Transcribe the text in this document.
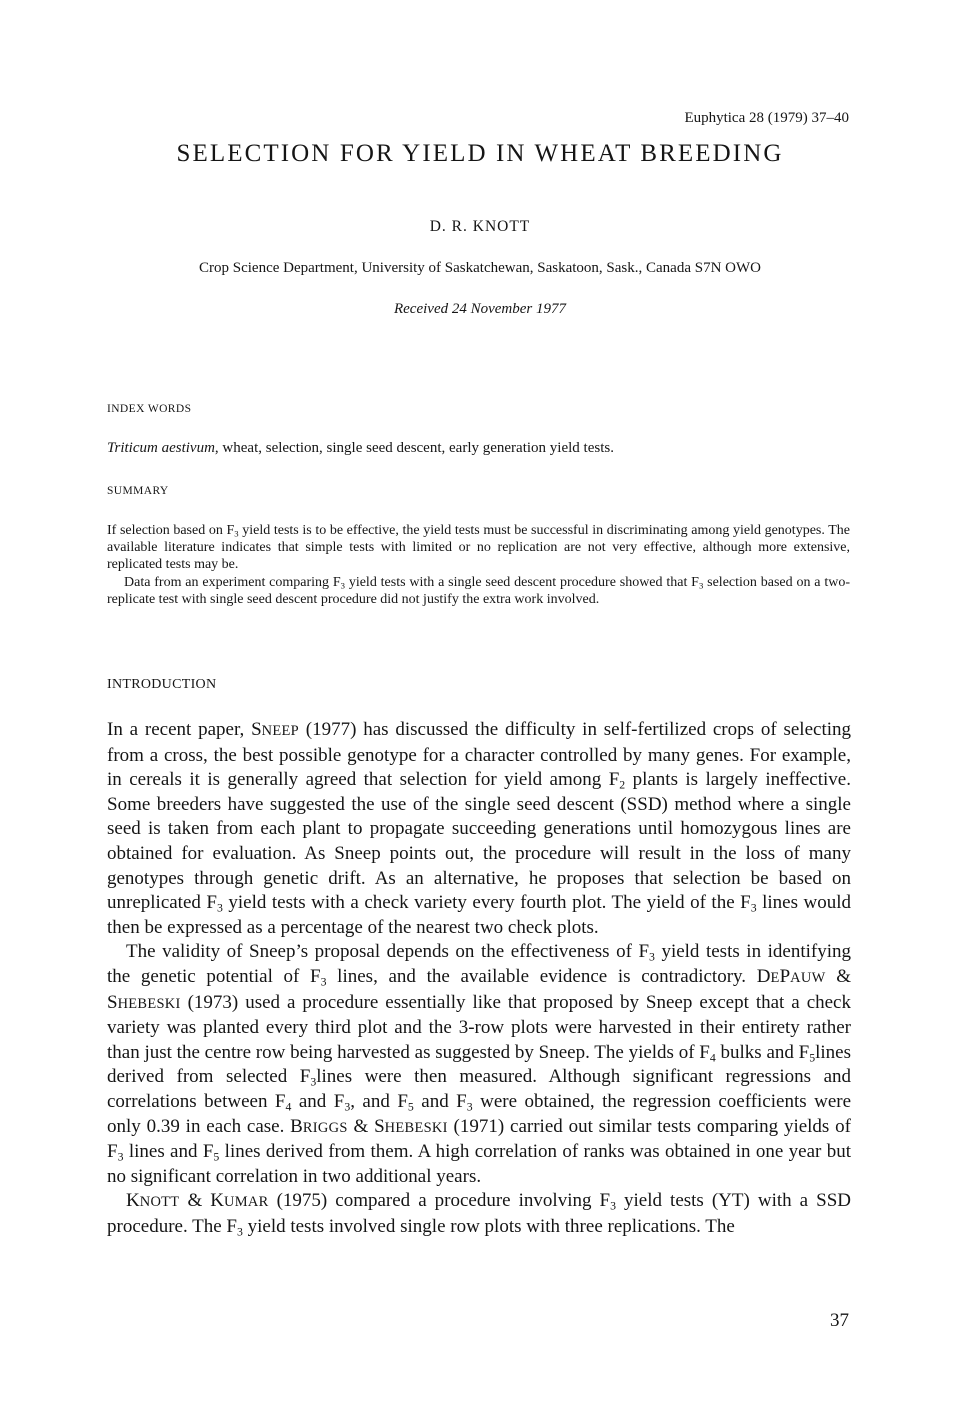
Euphytica 28 (1979) 37–40
SELECTION FOR YIELD IN WHEAT BREEDING
D. R. KNOTT
Crop Science Department, University of Saskatchewan, Saskatoon, Sask., Canada S7N OWO
Received 24 November 1977
INDEX WORDS
Triticum aestivum, wheat, selection, single seed descent, early generation yield tests.
SUMMARY

If selection based on $F_3$ yield tests is to be effective, the yield tests must be successful in discriminating among yield genotypes. The available literature indicates that simple tests with limited or no replication are not very effective, although more extensive, replicated tests may be.

Data from an experiment comparing $F_3$ yield tests with a single seed descent procedure showed that $F_3$ selection based on a two-replicate test with single seed descent procedure did not justify the extra work involved.

INTRODUCTION

In a recent paper, SNEEP (1977) has discussed the difficulty in self-fertilized crops of selecting from a cross, the best possible genotype for a character controlled by many genes. For example, in cereals it is generally agreed that selection for yield among $F_2$ plants is largely ineffective. Some breeders have suggested the use of the single seed descent (SSD) method where a single seed is taken from each plant to propagate succeeding generations until homozygous lines are obtained for evaluation. As Sneep points out, the procedure will result in the loss of many genotypes through genetic drift. As an alternative, he proposes that selection be based on unreplicated $F_3$ yield tests with a check variety every fourth plot. The yield of the $F_3$ lines would then be expressed as a percentage of the nearest two check plots.

The validity of Sneep’s proposal depends on the effectiveness of $F_3$ yield tests in identifying the genetic potential of $F_3$ lines, and the available evidence is contradictory. DEPAUW & SHEBESKI (1973) used a procedure essentially like that proposed by Sneep except that a check variety was planted every third plot and the 3-row plots were harvested in their entirety rather than just the centre row being harvested as suggested by Sneep. The yields of $F_4$ bulks and $F_5lines$ derived from selected $F_3lines$ were then measured. Although significant regressions and correlations between $F_4$ and $F_3$, and $F_5$ and $F_3$ were obtained, the regression coefficients were only 0.39 in each case. BRIGGS & SHEBESKI (1971) carried out similar tests comparing yields of $F_3$ lines and $F_5$ lines derived from them. A high correlation of ranks was obtained in one year but no significant correlation in two additional years.

KNOTT & KUMAR (1975) compared a procedure involving $F_3$ yield tests (YT) with a SSD procedure. The $F_3$ yield tests involved single row plots with three replications. The

37
